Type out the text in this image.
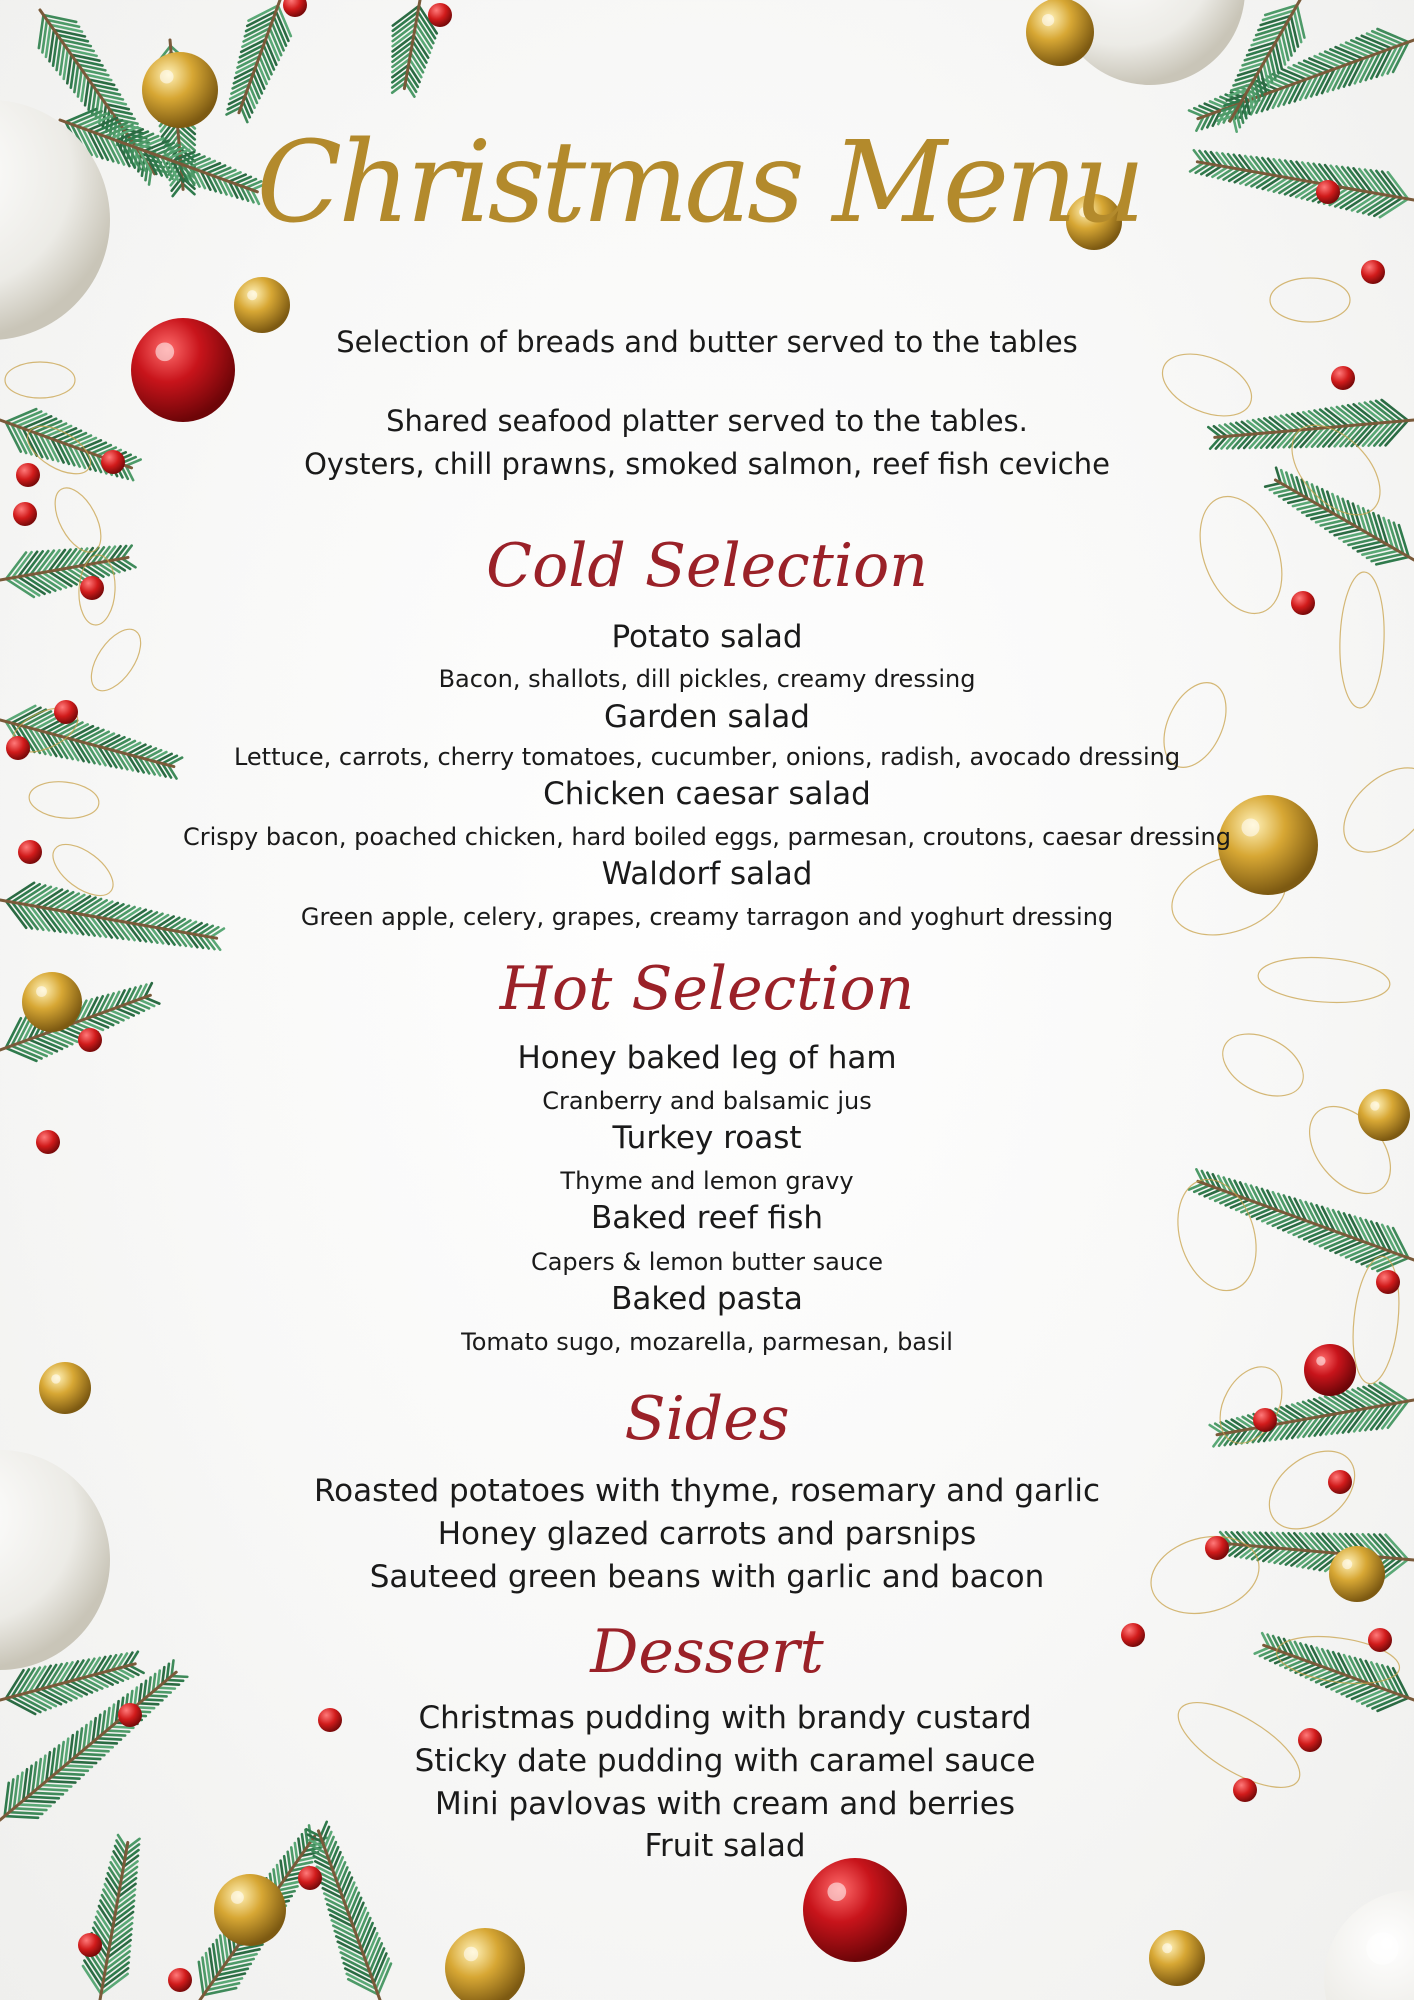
Christmas Menu
Selection of breads and butter served to the tables
Shared seafood platter served to the tables.
Oysters, chill prawns, smoked salmon, reef fish ceviche
Cold Selection
Potato salad
Bacon, shallots, dill pickles, creamy dressing
Garden salad
Lettuce, carrots, cherry tomatoes, cucumber, onions, radish, avocado dressing
Chicken caesar salad
Crispy bacon, poached chicken, hard boiled eggs, parmesan, croutons, caesar dressing
Waldorf salad
Green apple, celery, grapes, creamy tarragon and yoghurt dressing
Hot Selection
Honey baked leg of ham
Cranberry and balsamic jus
Turkey roast
Thyme and lemon gravy
Baked reef fish
Capers & lemon butter sauce
Baked pasta
Tomato sugo, mozarella, parmesan, basil
Sides
Roasted potatoes with thyme, rosemary and garlic
Honey glazed carrots and parsnips
Sauteed green beans with garlic and bacon
Dessert
Christmas pudding with brandy custard
Sticky date pudding with caramel sauce
Mini pavlovas with cream and berries
Fruit salad
